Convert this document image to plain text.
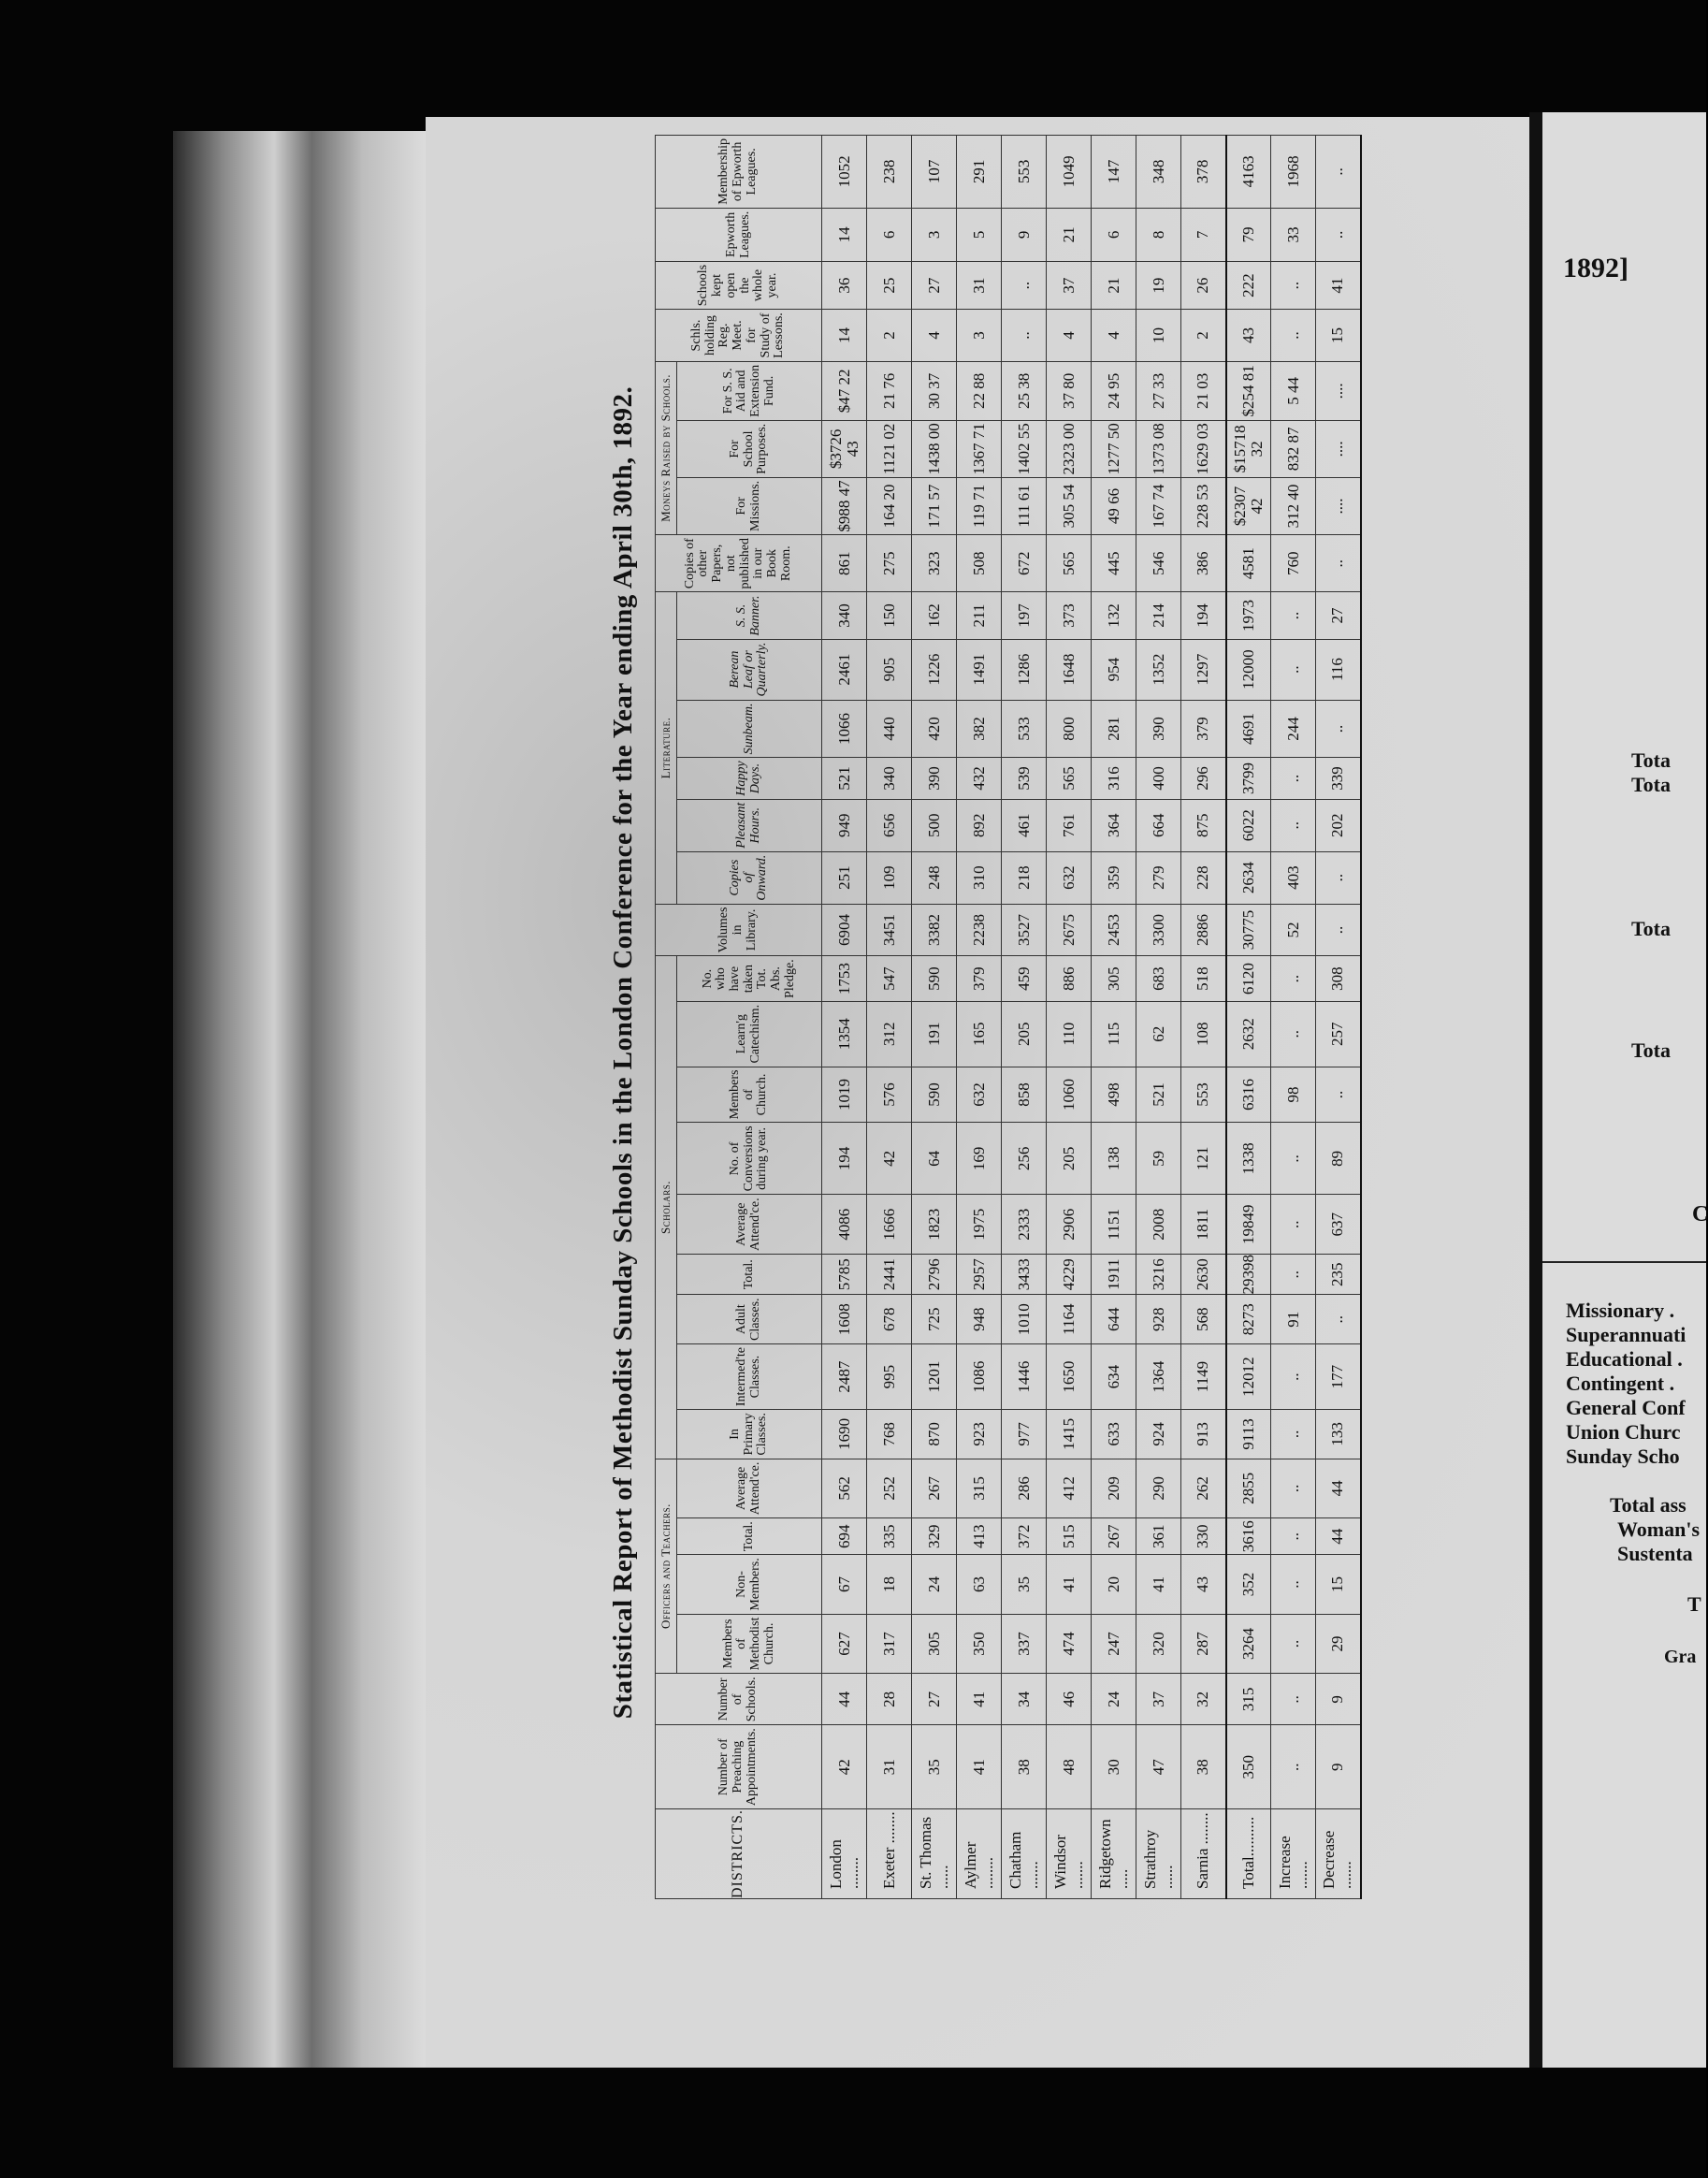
1892]
Tota
Tota
Tota
Tota
C
Missionary .
Superannuati
Educational .
Contingent .
General Conf
Union Churc
Sunday Scho
Total ass
Woman's
Sustenta
T
Gra
Statistical Report of Methodist Sunday Schools in the London Conference for the Year ending April 30th, 1892.
DISTRICTS.	Number of Preaching Appointments.	Number of Schools.	Officers and Teachers.				Scholars.									Volumes in Library.	Literature.						Copies of other Papers, not published in our Book Room.	Moneys Raised by Schools.			Schls. holding Reg. Meet. for Study of Lessons.	Schools kept open the whole year.	Epworth Leagues.	Membership of Epworth Leagues.
			Members of Methodist Church.	Non-Members.	Total.	Average Attend'ce.	In Primary Classes.	Intermed'te Classes.	Adult Classes.	Total.	Average Attend'ce.	No. of Conversions during year.	Members of Church.	Learn'g Catechism.	No. who have taken Tot. Abs. Pledge.		Copies of Onward.	Pleasant Hours.	Happy Days.	Sunbeam.	Berean Leaf or Quarterly.	S. S. Banner.		For Missions.	For School Purposes.	For S. S. Aid and Extension Fund.				
London ........	42	44	627	67	694	562	1690	2487	1608	5785	4086	194	1019	1354	1753	6904	251	949	521	1066	2461	340	861	$988 47	$3726 43	$47 22	14	36	14	1052
Exeter ........	31	28	317	18	335	252	768	995	678	2441	1666	42	576	312	547	3451	109	656	340	440	905	150	275	164 20	1121 02	21 76	2	25	6	238
St. Thomas ......	35	27	305	24	329	267	870	1201	725	2796	1823	64	590	191	590	3382	248	500	390	420	1226	162	323	171 57	1438 00	30 37	4	27	3	107
Aylmer ........	41	41	350	63	413	315	923	1086	948	2957	1975	169	632	165	379	2238	310	892	432	382	1491	211	508	119 71	1367 71	22 88	3	31	5	291
Chatham .......	38	34	337	35	372	286	977	1446	1010	3433	2333	256	858	205	459	3527	218	461	539	533	1286	197	672	111 61	1402 55	25 38	..	..	9	553
Windsor .......	48	46	474	41	515	412	1415	1650	1164	4229	2906	205	1060	110	886	2675	632	761	565	800	1648	373	565	305 54	2323 00	37 80	4	37	21	1049
Ridgetown .....	30	24	247	20	267	209	633	634	644	1911	1151	138	498	115	305	2453	359	364	316	281	954	132	445	49 66	1277 50	24 95	4	21	6	147
Strathroy ......	47	37	320	41	361	290	924	1364	928	3216	2008	59	521	62	683	3300	279	664	400	390	1352	214	546	167 74	1373 08	27 33	10	19	8	348
Sarnia ........	38	32	287	43	330	262	913	1149	568	2630	1811	121	553	108	518	2886	228	875	296	379	1297	194	386	228 53	1629 03	21 03	2	26	7	378
Total..........	350	315	3264	352	3616	2855	9113	12012	8273	29398	19849	1338	6316	2632	6120	30775	2634	6022	3799	4691	12000	1973	4581	$2307 42	$15718 32	$254 81	43	222	79	4163
Increase .......	..	..	..	..	..	..	..	..	91	..	..	..	98	..	..	52	403	..	..	244	..	..	760	312 40	832 87	5 44	..	..	33	1968
Decrease .......	9	9	29	15	44	44	133	177	..	235	637	89	..	257	308	..	..	202	339	..	116	27	..	....	....	....	15	41	..	..
